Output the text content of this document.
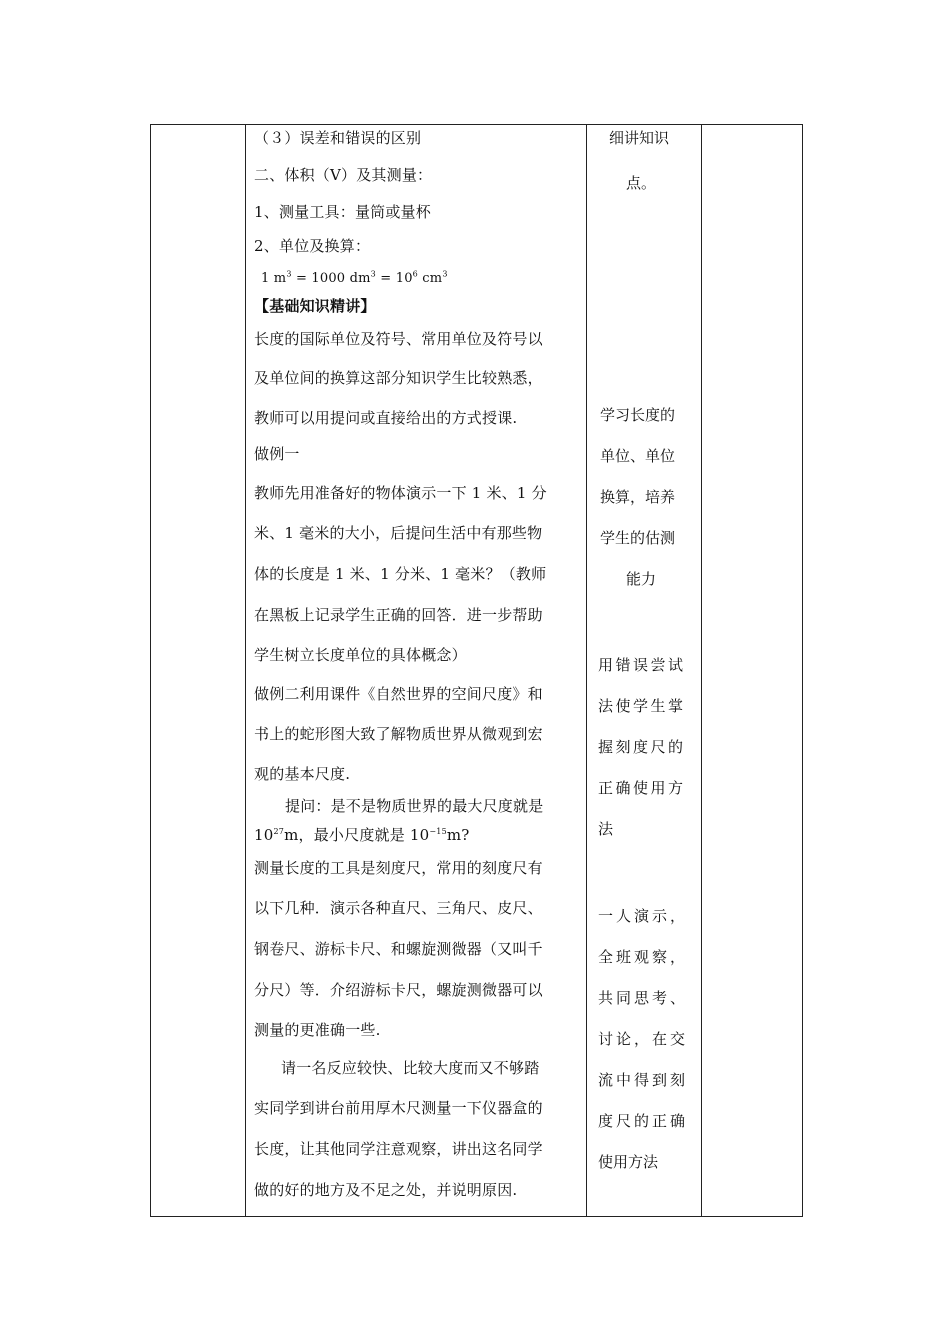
（３）误差和错误的区别
二、体积（V）及其测量：
1、测量工具：量筒或量杯
2、单位及换算：
1 $m^3 = 1000$ $dm^3 = 10^6$ $cm^3$
【基础知识精讲】
长度的国际单位及符号、常用单位及符号以
及单位间的换算这部分知识学生比较熟悉，
教师可以用提问或直接给出的方式授课.
做例一
教师先用准备好的物体演示一下 1 米、1 分
米、1 毫米的大小，后提问生活中有那些物
体的长度是 1 米、1 分米、1 毫米？（教师
在黑板上记录学生正确的回答．进一步帮助
学生树立长度单位的具体概念）
做例二利用课件《自然世界的空间尺度》和
书上的蛇形图大致了解物质世界从微观到宏
观的基本尺度.
提问：是不是物质世界的最大尺度就是
$10^{27}m$，最小尺度就是 $10^{-15}m$?
测量长度的工具是刻度尺，常用的刻度尺有
以下几种．演示各种直尺、三角尺、皮尺、
钢卷尺、游标卡尺、和螺旋测微器（又叫千
分尺）等．介绍游标卡尺，螺旋测微器可以
测量的更准确一些.
请一名反应较快、比较大度而又不够踏
实同学到讲台前用厚木尺测量一下仪器盒的
长度，让其他同学注意观察，讲出这名同学
做的好的地方及不足之处，并说明原因.
细讲知识
点。
学习长度的
单位、单位
换算，培养
学生的估测
能力
用错误尝试
法使学生掌
握刻度尺的
正确使用方
法
一人演示，
全班观察，
共同思考、
讨论，在交
流中得到刻
度尺的正确
使用方法
